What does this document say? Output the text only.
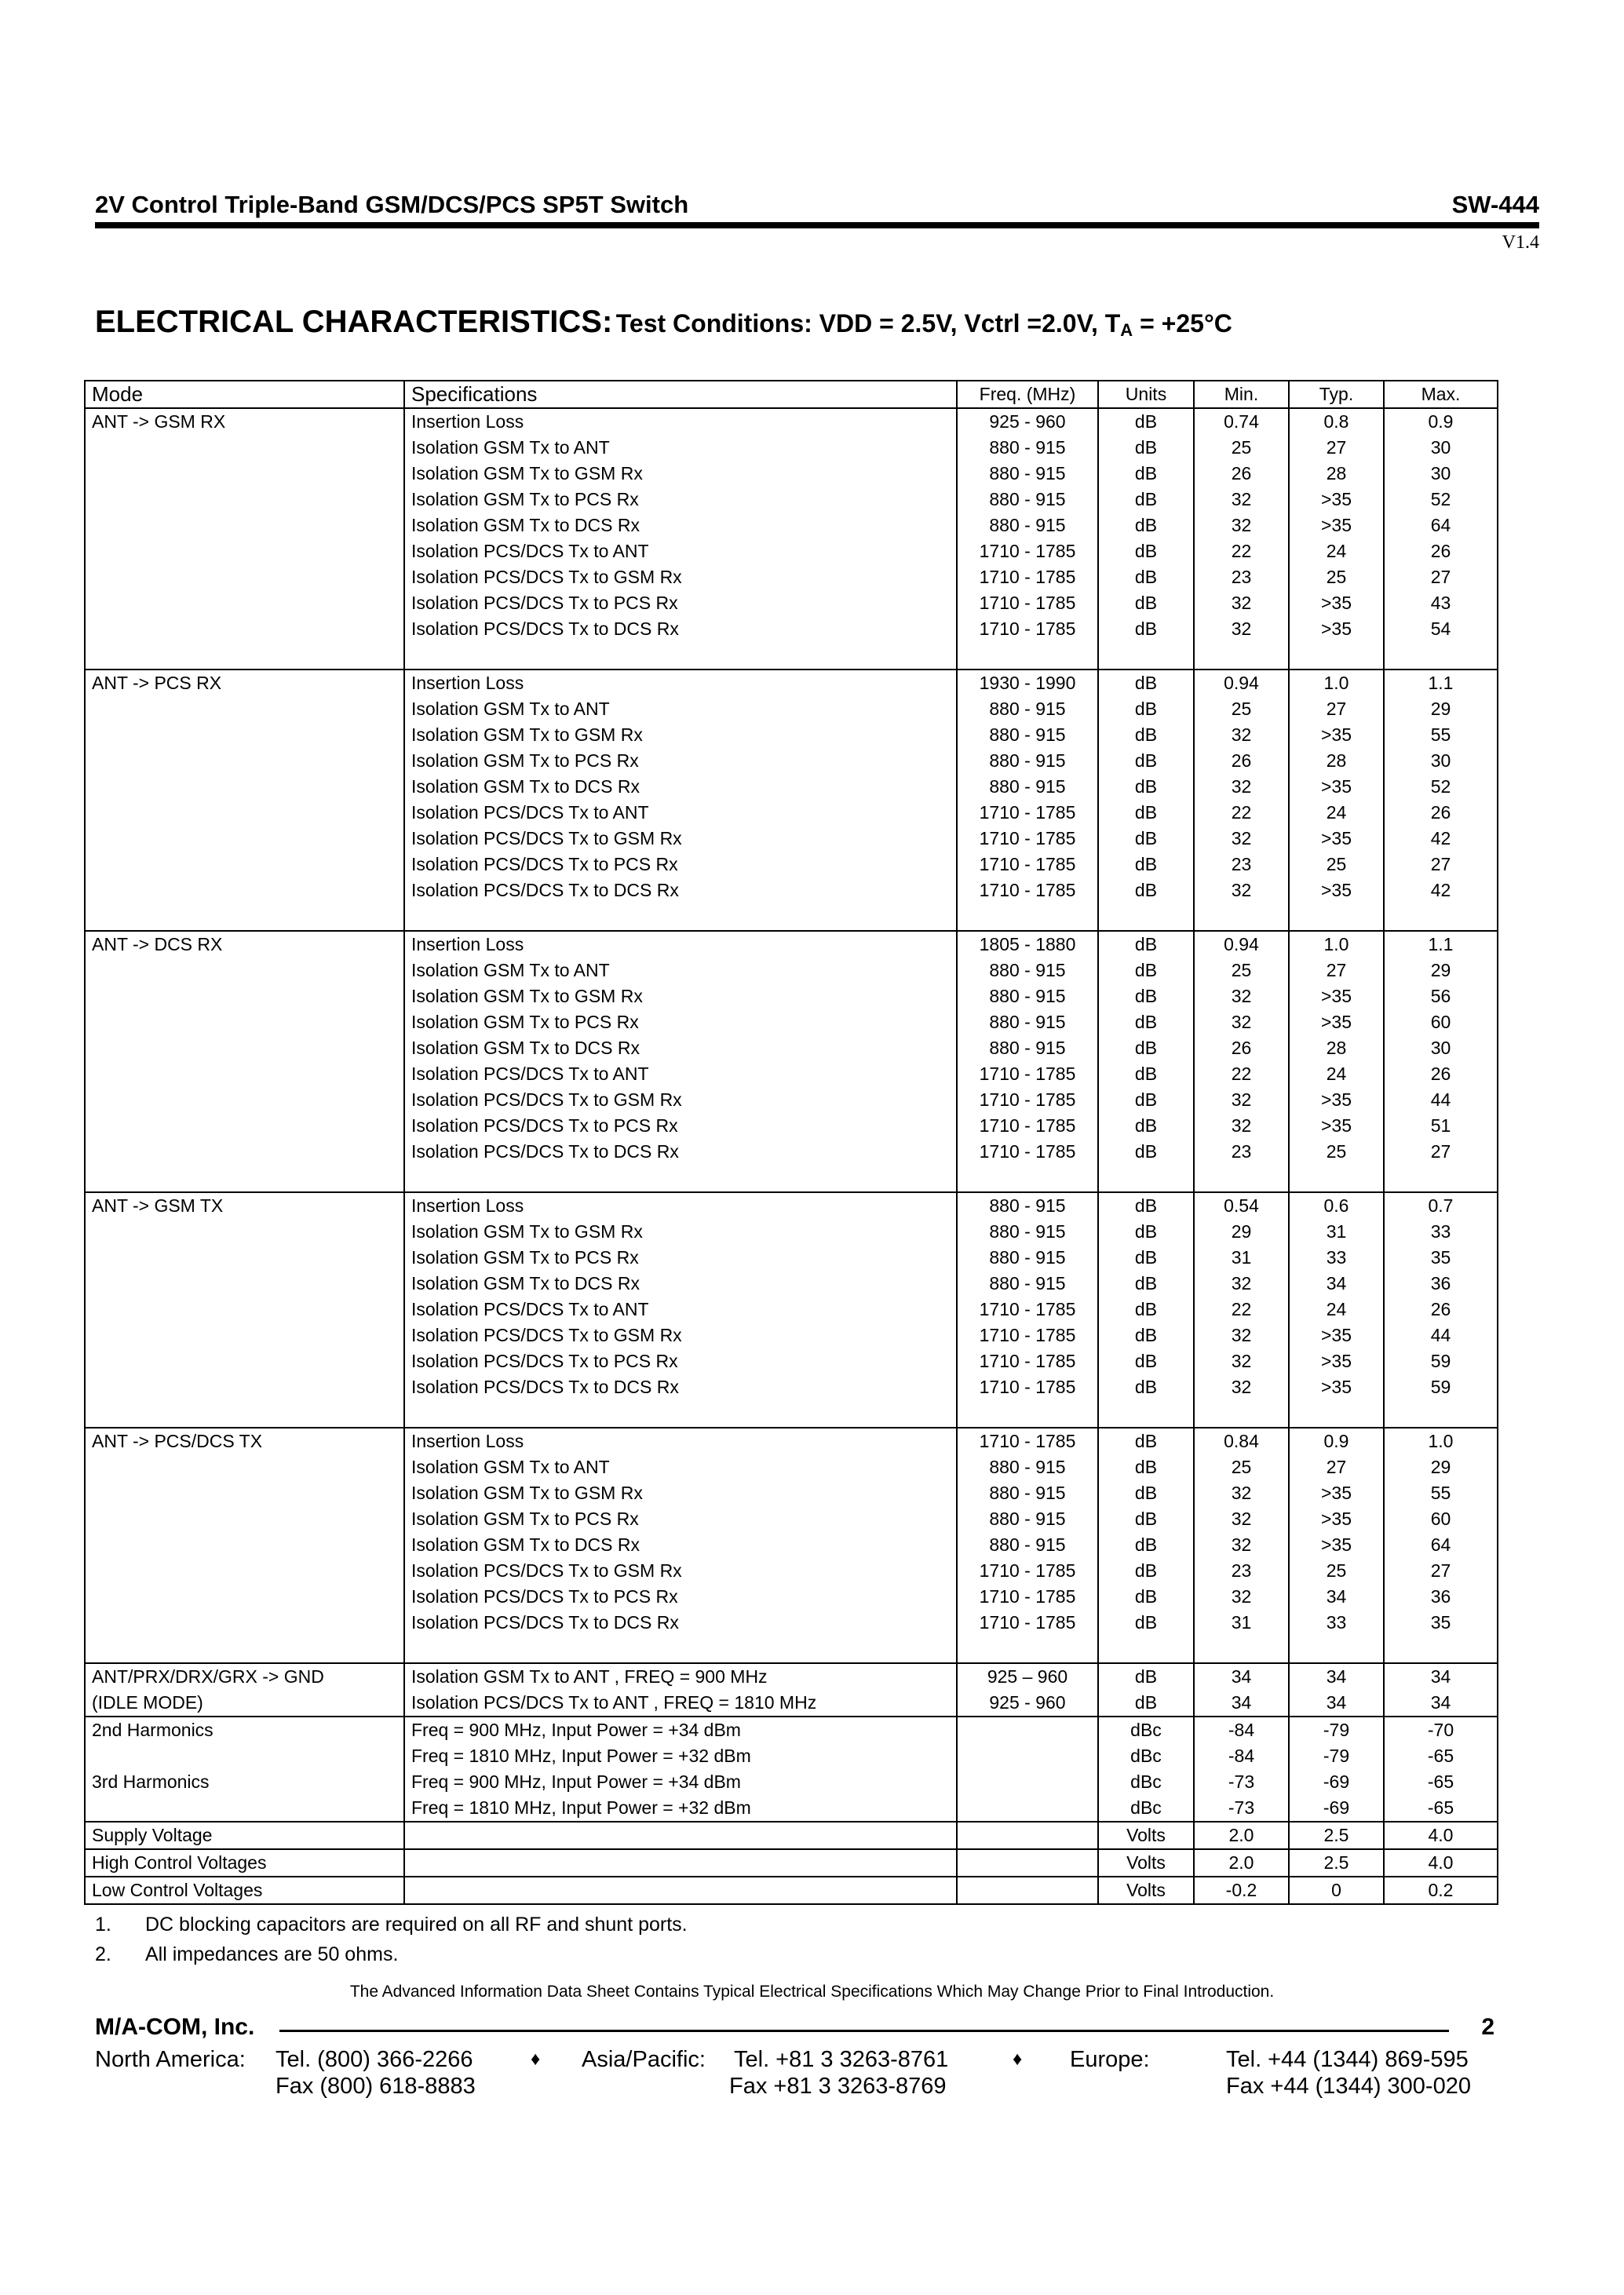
2V Control Triple-Band GSM/DCS/PCS SP5T Switch	SW-444
V1.4
ELECTRICAL CHARACTERISTICS: Test Conditions: VDD = 2.5V, Vctrl =2.0V, $T_A = +25^\circ C$
Mode	Specifications	Freq. (MHz)	Units	Min.	Typ.	Max.
ANT -> GSM RX	Insertion Loss	925 - 960	dB	0.74	0.8	0.9
	Isolation GSM Tx to ANT	880 - 915	dB	25	27	30
	Isolation GSM Tx to GSM Rx	880 - 915	dB	26	28	30
	Isolation GSM Tx to PCS Rx	880 - 915	dB	32	>35	52
	Isolation GSM Tx to DCS Rx	880 - 915	dB	32	>35	64
	Isolation PCS/DCS Tx to ANT	1710 - 1785	dB	22	24	26
	Isolation PCS/DCS Tx to GSM Rx	1710 - 1785	dB	23	25	27
	Isolation PCS/DCS Tx to PCS Rx	1710 - 1785	dB	32	>35	43
	Isolation PCS/DCS Tx to DCS Rx	1710 - 1785	dB	32	>35	54

ANT -> PCS RX	Insertion Loss	1930 - 1990	dB	0.94	1.0	1.1
	Isolation GSM Tx to ANT	880 - 915	dB	25	27	29
	Isolation GSM Tx to GSM Rx	880 - 915	dB	32	>35	55
	Isolation GSM Tx to PCS Rx	880 - 915	dB	26	28	30
	Isolation GSM Tx to DCS Rx	880 - 915	dB	32	>35	52
	Isolation PCS/DCS Tx to ANT	1710 - 1785	dB	22	24	26
	Isolation PCS/DCS Tx to GSM Rx	1710 - 1785	dB	32	>35	42
	Isolation PCS/DCS Tx to PCS Rx	1710 - 1785	dB	23	25	27
	Isolation PCS/DCS Tx to DCS Rx	1710 - 1785	dB	32	>35	42

ANT -> DCS RX	Insertion Loss	1805 - 1880	dB	0.94	1.0	1.1
	Isolation GSM Tx to ANT	880 - 915	dB	25	27	29
	Isolation GSM Tx to GSM Rx	880 - 915	dB	32	>35	56
	Isolation GSM Tx to PCS Rx	880 - 915	dB	32	>35	60
	Isolation GSM Tx to DCS Rx	880 - 915	dB	26	28	30
	Isolation PCS/DCS Tx to ANT	1710 - 1785	dB	22	24	26
	Isolation PCS/DCS Tx to GSM Rx	1710 - 1785	dB	32	>35	44
	Isolation PCS/DCS Tx to PCS Rx	1710 - 1785	dB	32	>35	51
	Isolation PCS/DCS Tx to DCS Rx	1710 - 1785	dB	23	25	27

ANT -> GSM TX	Insertion Loss	880 - 915	dB	0.54	0.6	0.7
	Isolation GSM Tx to GSM Rx	880 - 915	dB	29	31	33
	Isolation GSM Tx to PCS Rx	880 - 915	dB	31	33	35
	Isolation GSM Tx to DCS Rx	880 - 915	dB	32	34	36
	Isolation PCS/DCS Tx to ANT	1710 - 1785	dB	22	24	26
	Isolation PCS/DCS Tx to GSM Rx	1710 - 1785	dB	32	>35	44
	Isolation PCS/DCS Tx to PCS Rx	1710 - 1785	dB	32	>35	59
	Isolation PCS/DCS Tx to DCS Rx	1710 - 1785	dB	32	>35	59

ANT -> PCS/DCS TX	Insertion Loss	1710 - 1785	dB	0.84	0.9	1.0
	Isolation GSM Tx to ANT	880 - 915	dB	25	27	29
	Isolation GSM Tx to GSM Rx	880 - 915	dB	32	>35	55
	Isolation GSM Tx to PCS Rx	880 - 915	dB	32	>35	60
	Isolation GSM Tx to DCS Rx	880 - 915	dB	32	>35	64
	Isolation PCS/DCS Tx to GSM Rx	1710 - 1785	dB	23	25	27
	Isolation PCS/DCS Tx to PCS Rx	1710 - 1785	dB	32	34	36
	Isolation PCS/DCS Tx to DCS Rx	1710 - 1785	dB	31	33	35

ANT/PRX/DRX/GRX -> GND	Isolation GSM Tx to ANT , FREQ = 900 MHz	925 – 960	dB	34	34	34
(IDLE MODE)	Isolation PCS/DCS Tx to ANT , FREQ = 1810 MHz	925 - 960	dB	34	34	34
2nd Harmonics	Freq = 900 MHz, Input Power = +34 dBm		dBc	-84	-79	-70
	Freq = 1810 MHz, Input Power = +32 dBm		dBc	-84	-79	-65
3rd Harmonics	Freq = 900 MHz, Input Power = +34 dBm		dBc	-73	-69	-65
	Freq = 1810 MHz, Input Power = +32 dBm		dBc	-73	-69	-65
Supply Voltage			Volts	2.0	2.5	4.0
High Control Voltages			Volts	2.0	2.5	4.0
Low Control Voltages			Volts	-0.2	0	0.2
1. DC blocking capacitors are required on all RF and shunt ports.
2. All impedances are 50 ohms.
The Advanced Information Data Sheet Contains Typical Electrical Specifications Which May Change Prior to Final Introduction.
M/A-COM, Inc.	2
North America: Tel. (800) 366-2266
Fax (800) 618-8883
♦ Asia/Pacific: Tel. +81 3 3263-8761
Fax +81 3 3263-8769
♦ Europe:	Tel. +44 (1344) 869-595
Fax +44 (1344) 300-020
